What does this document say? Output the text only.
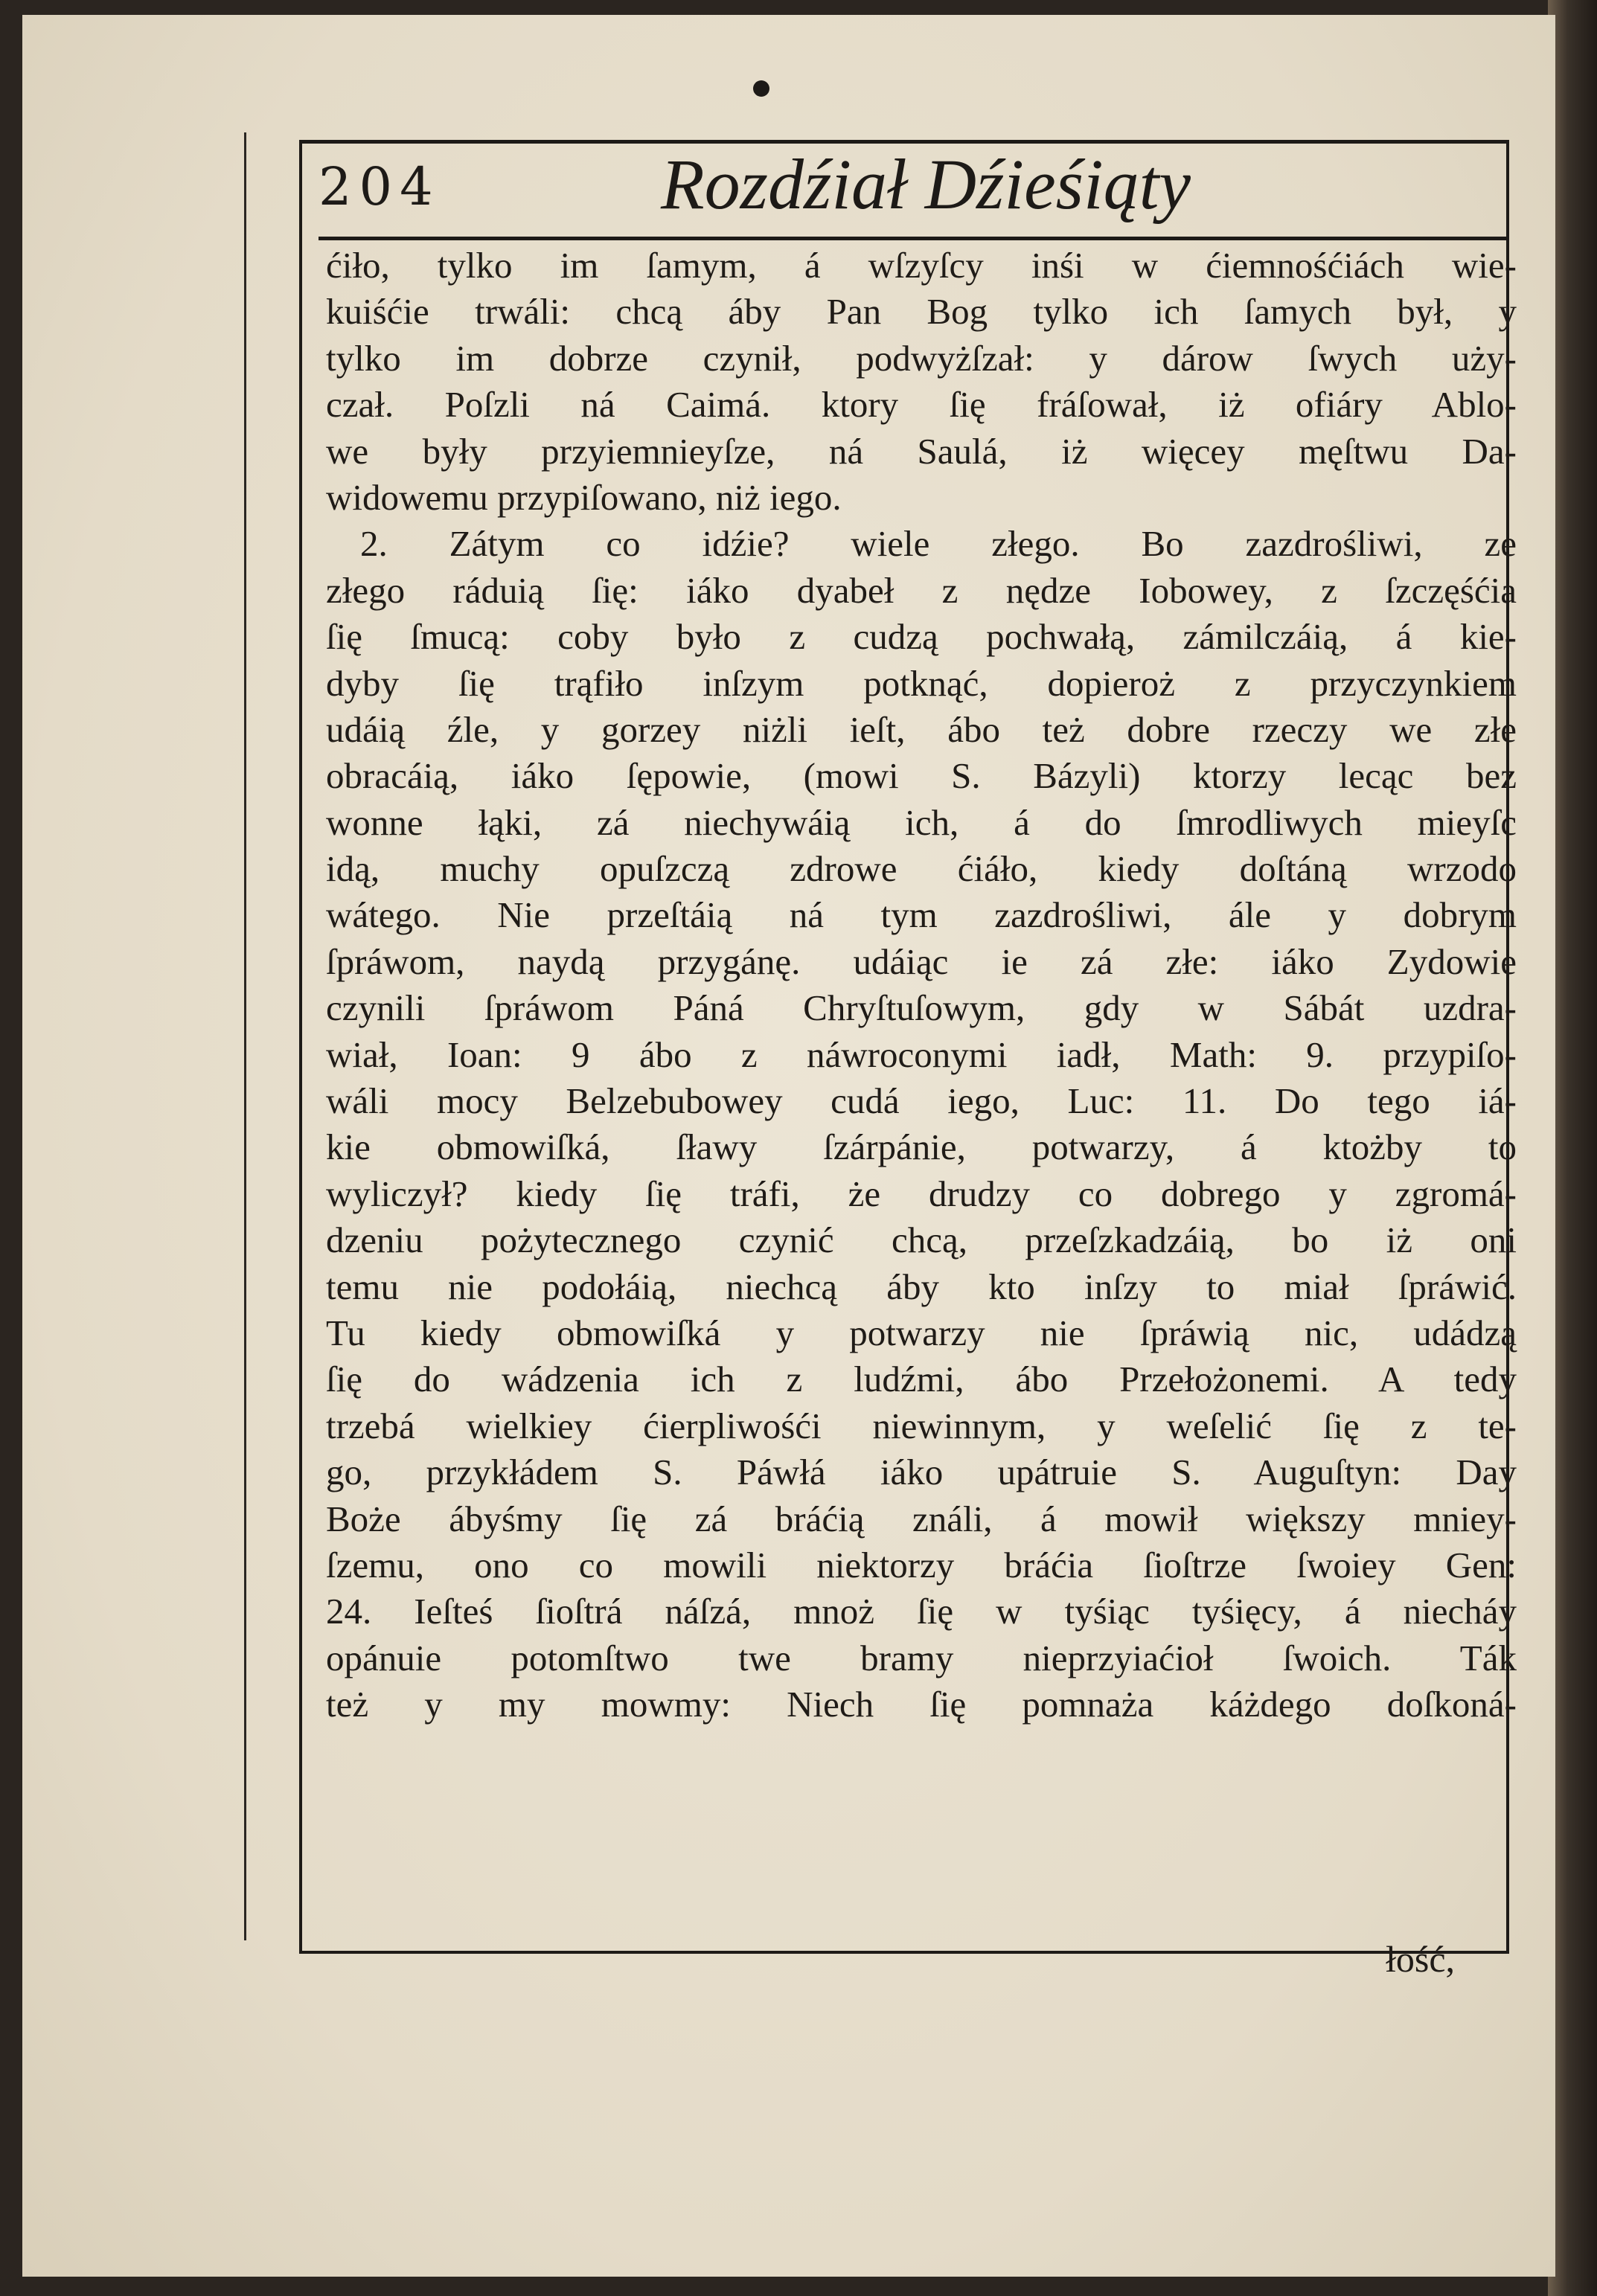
204	Rozdźiał Dźieśiąty
ćiło, tylko im ſamym, á wſzyſcy inśi w ćiemnośćiách wie-
kuiśćie trwáli: chcą áby Pan Bog tylko ich ſamych był, y
tylko im dobrze czynił, podwyżſzał: y dárow ſwych uży-
czał. Poſzli ná Caimá. ktory ſię fráſował, iż ofiáry Ablo-
we były przyiemnieyſze, ná Saulá, iż więcey męſtwu Da-
widowemu przypiſowano, niż iego.
2. Zátym co idźie? wiele złego. Bo zazdrośliwi, ze
złego ráduią ſię: iáko dyabeł z nędze Iobowey, z ſzczęśćia
ſię ſmucą: coby było z cudzą pochwałą, zámilczáią, á kie-
dyby ſię trąfiło inſzym potknąć, dopieroż z przyczynkiem
udáią źle, y gorzey niżli ieſt, ábo też dobre rzeczy we złe
obracáią, iáko ſępowie, (mowi S. Bázyli) ktorzy lecąc bez
wonne łąki, zá niechywáią ich, á do ſmrodliwych mieyſc
idą, muchy opuſzczą zdrowe ćiáło, kiedy doſtáną wrzodo
wátego. Nie przeſtáią ná tym zazdrośliwi, ále y dobrym
ſpráwom, naydą przygánę. udáiąc ie zá złe: iáko Zydowie
czynili ſpráwom Páná Chryſtuſowym, gdy w Sábát uzdra-
wiał, Ioan: 9 ábo z náwroconymi iadł, Math: 9. przypiſo-
wáli mocy Belzebubowey cudá iego, Luc: 11. Do tego iá-
kie obmowiſká, ſławy ſzárpánie, potwarzy, á ktożby to
wyliczył? kiedy ſię tráfi, że drudzy co dobrego y zgromá-
dzeniu pożytecznego czynić chcą, przeſzkadzáią, bo iż oni
temu nie podołáią, niechcą áby kto inſzy to miał ſpráwić.
Tu kiedy obmowiſká y potwarzy nie ſpráwią nic, udádzą
ſię do wádzenia ich z ludźmi, ábo Przełożonemi. A tedy
trzebá wielkiey ćierpliwośći niewinnym, y weſelić ſię z te-
go, przykłádem S. Páwłá iáko upátruie S. Auguſtyn: Day
Boże ábyśmy ſię zá bráćią ználi, á mowił większy mniey-
ſzemu, ono co mowili niektorzy bráćia ſioſtrze ſwoiey Gen:
24. Ieſteś ſioſtrá náſzá, mnoż ſię w tyśiąc tyśięcy, á niecháy
opánuie potomſtwo twe bramy nieprzyiaćioł ſwoich. Ták
też y my mowmy: Niech ſię pomnaża káżdego doſkoná-
łość,
